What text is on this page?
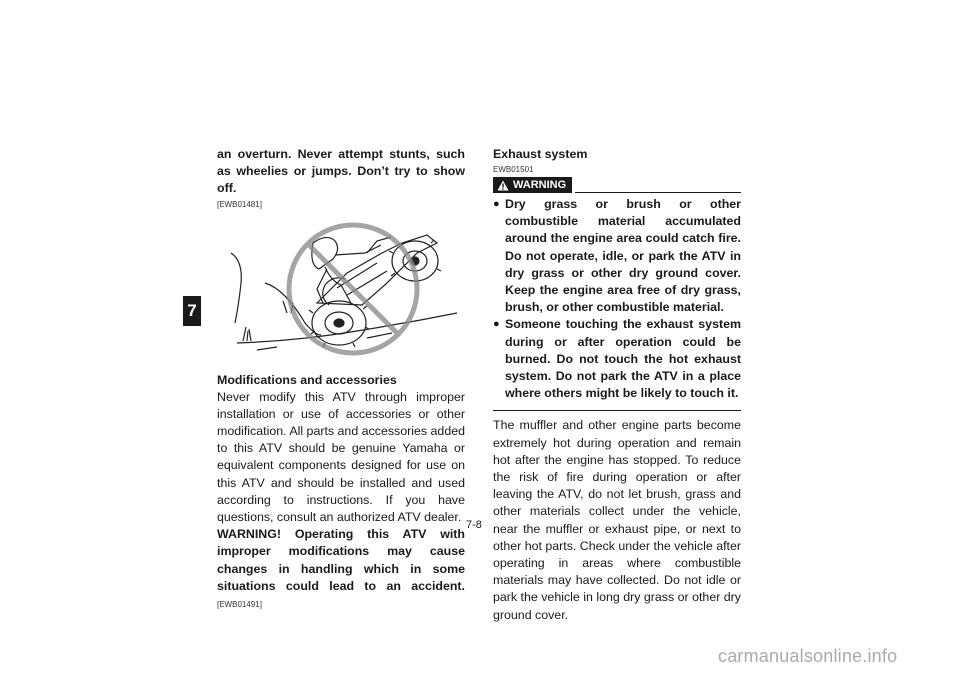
7
an overturn. Never attempt stunts, such as wheelies or jumps. Don’t try to show off.
[EWB01481]
Modifications and accessories
Never modify this ATV through improper installation or use of accessories or other modification. All parts and accessories added to this ATV should be genuine Yamaha or equivalent components designed for use on this ATV and should be installed and used according to instructions. If you have questions, consult an authorized ATV dealer.
WARNING! Operating this ATV with improper modifications may cause changes in handling which in some situations could lead to an accident. [EWB01491]
Exhaust system
EWB01501
WARNING
● Dry grass or brush or other combustible material accumulated around the engine area could catch fire. Do not operate, idle, or park the ATV in dry grass or other dry ground cover. Keep the engine area free of dry grass, brush, or other combustible material.
● Someone touching the exhaust system during or after operation could be burned. Do not touch the hot exhaust system. Do not park the ATV in a place where others might be likely to touch it.
The muffler and other engine parts become extremely hot during operation and remain hot after the engine has stopped. To reduce the risk of fire during operation or after leaving the ATV, do not let brush, grass and other materials collect under the vehicle, near the muffler or exhaust pipe, or next to other hot parts. Check under the vehicle after operating in areas where combustible materials may have collected. Do not idle or park the vehicle in long dry grass or other dry ground cover.
7-8
carmanualsonline.info
